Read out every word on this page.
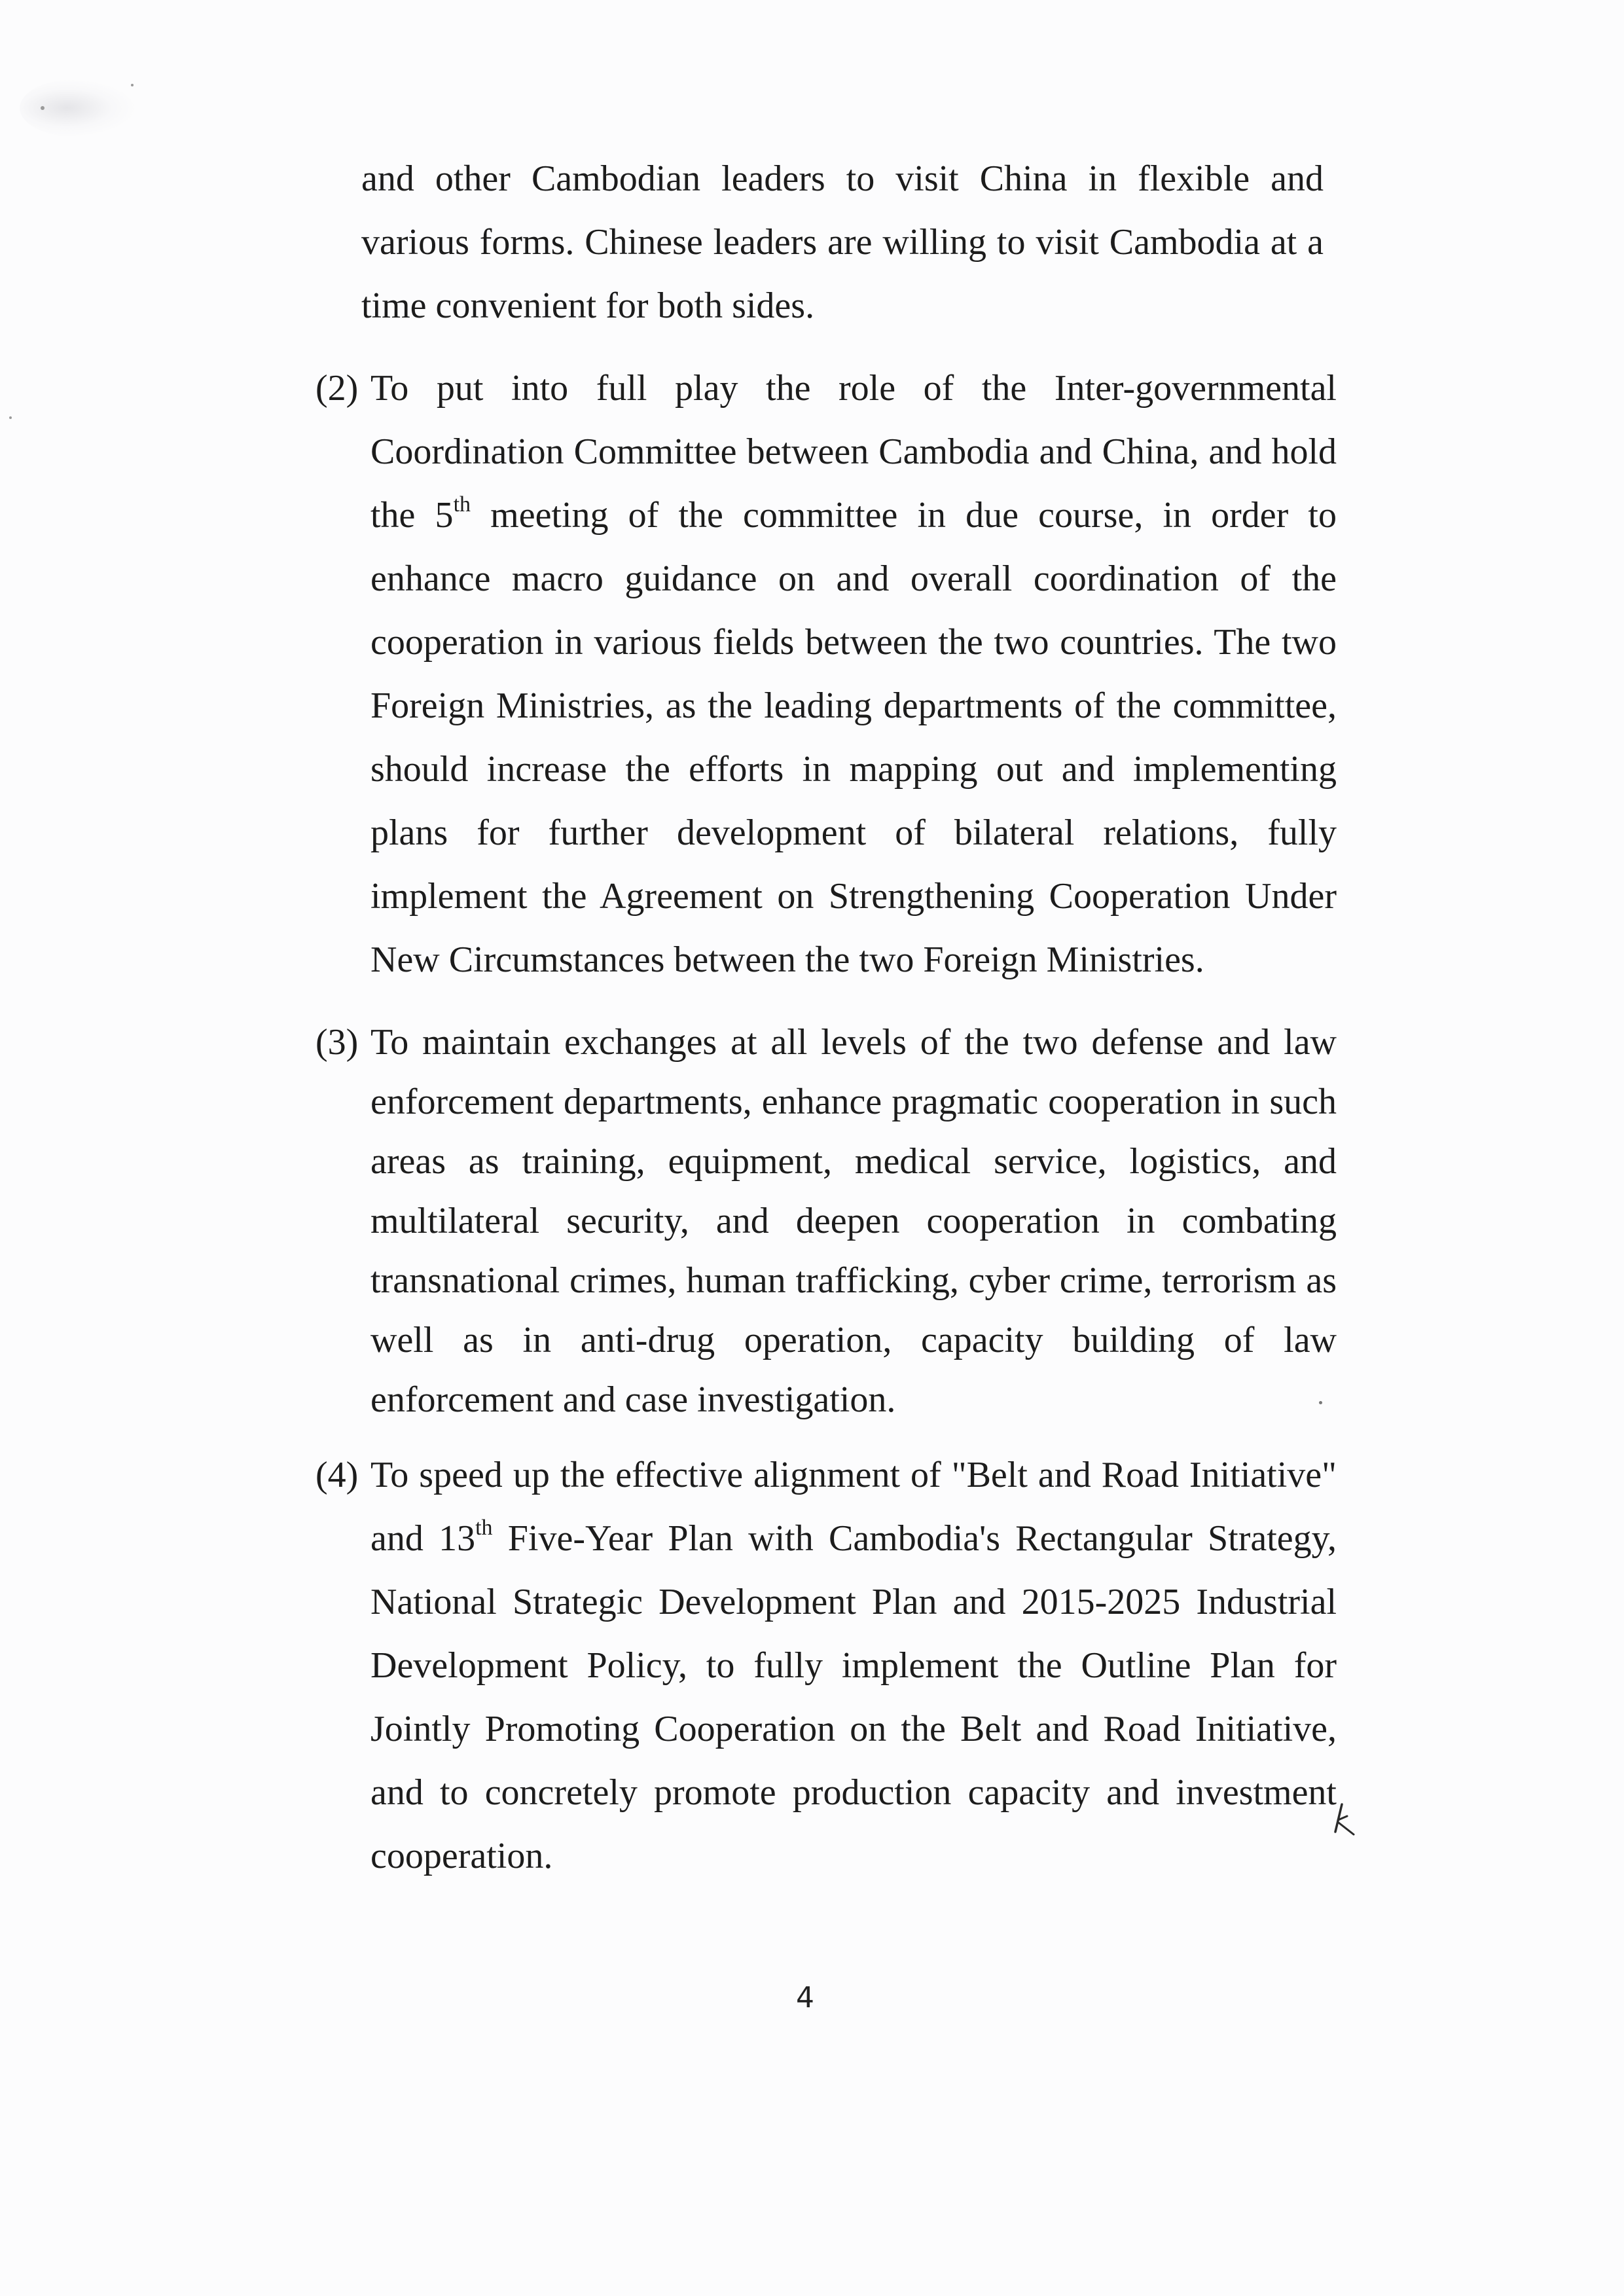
and other Cambodian leaders to visit China in flexible and various forms. Chinese leaders are willing to visit Cambodia at a time convenient for both sides.

(2) To put into full play the role of the Inter-governmental Coordination Committee between Cambodia and China, and hold the 5th meeting of the committee in due course, in order to enhance macro guidance on and overall coordination of the cooperation in various fields between the two countries. The two Foreign Ministries, as the leading departments of the committee, should increase the efforts in mapping out and implementing plans for further development of bilateral relations, fully implement the Agreement on Strengthening Cooperation Under New Circumstances between the two Foreign Ministries.

(3) To maintain exchanges at all levels of the two defense and law enforcement departments, enhance pragmatic cooperation in such areas as training, equipment, medical service, logistics, and multilateral security, and deepen cooperation in combating transnational crimes, human trafficking, cyber crime, terrorism as well as in anti-drug operation, capacity building of law enforcement and case investigation.

(4) To speed up the effective alignment of "Belt and Road Initiative" and 13th Five-Year Plan with Cambodia's Rectangular Strategy, National Strategic Development Plan and 2015-2025 Industrial Development Policy, to fully implement the Outline Plan for Jointly Promoting Cooperation on the Belt and Road Initiative, and to concretely promote production capacity and investment cooperation.

4
